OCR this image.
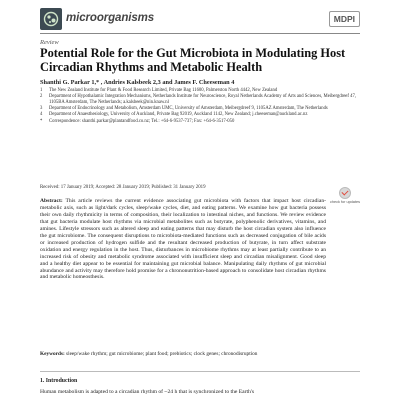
microorganisms	MDPI
Review
Potential Role for the Gut Microbiota in Modulating Host Circadian Rhythms and Metabolic Health
Shanthi G. Parkar 1,* , Andries Kalsbeek 2,3 and James F. Cheeseman 4
1	The New Zealand Institute for Plant & Food Research Limited, Private Bag 11600, Palmerston North 4442, New Zealand
2	Department of Hypothalamic Integration Mechanisms, Netherlands Institute for Neuroscience, Royal Netherlands Academy of Arts and Sciences, Meibergdreef 47, 1105BA Amsterdam, The Netherlands; a.kalsbeek@nin.knaw.nl
3	Department of Endocrinology and Metabolism, Amsterdam UMC, University of Amsterdam, Meibergdreef 9, 1105AZ Amsterdam, The Netherlands
4	Department of Anaesthesiology, University of Auckland, Private Bag 92019, Auckland 1142, New Zealand; j.cheeseman@auckland.ac.nz
*	Correspondence: shanthi.parkar@plantandfood.co.nz; Tel.: +64-6-9537-737; Fax: +64-6-3517-050
Received: 17 January 2019; Accepted: 28 January 2019; Published: 31 January 2019
check for updates
Abstract: This article reviews the current evidence associating gut microbiota with factors that impact host circadian-metabolic axis, such as light/dark cycles, sleep/wake cycles, diet, and eating patterns. We examine how gut bacteria possess their own daily rhythmicity in terms of composition, their localization to intestinal niches, and functions. We review evidence that gut bacteria modulate host rhythms via microbial metabolites such as butyrate, polyphenolic derivatives, vitamins, and amines. Lifestyle stressors such as altered sleep and eating patterns that may disturb the host circadian system also influence the gut microbiome. The consequent disruptions to microbiota-mediated functions such as decreased conjugation of bile acids or increased production of hydrogen sulfide and the resultant decreased production of butyrate, in turn affect substrate oxidation and energy regulation in the host. Thus, disturbances in microbiome rhythms may at least partially contribute to an increased risk of obesity and metabolic syndrome associated with insufficient sleep and circadian misalignment. Good sleep and a healthy diet appear to be essential for maintaining gut microbial balance. Manipulating daily rhythms of gut microbial abundance and activity may therefore hold promise for a chrononutrition-based approach to consolidate host circadian rhythms and metabolic homeosthesis.
Keywords: sleep/wake rhythm; gut microbiome; plant food; prebiotics; clock genes; chronodisruption
1. Introduction
Human metabolism is adapted to a circadian rhythm of ~24 h that is synchronized to the Earth's
